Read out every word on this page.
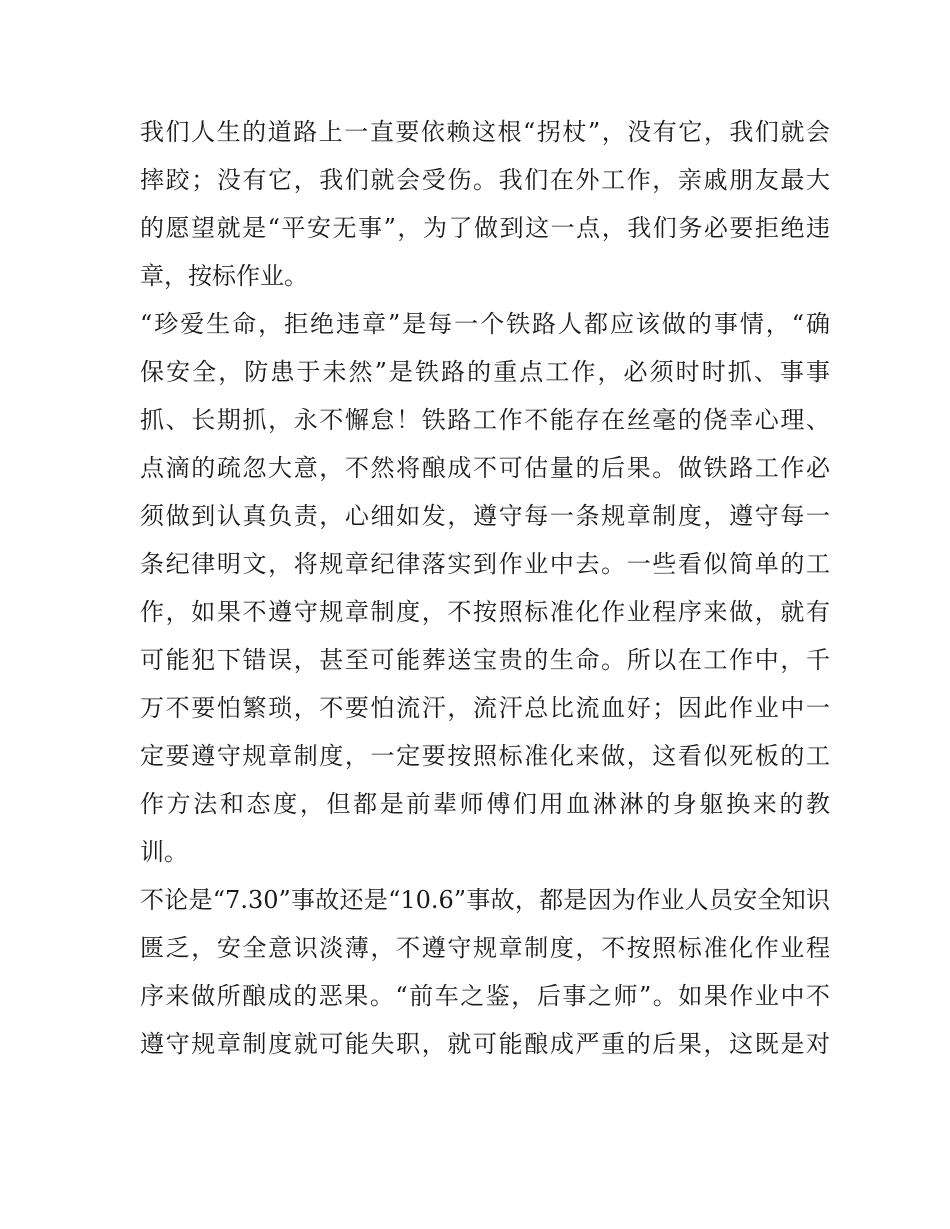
我们人生的道路上一直要依赖这根“拐杖”，没有它，我们就会
摔跤；没有它，我们就会受伤。我们在外工作，亲戚朋友最大
的愿望就是“平安无事”，为了做到这一点，我们务必要拒绝违
章，按标作业。
“珍爱生命，拒绝违章”是每一个铁路人都应该做的事情，“确
保安全，防患于未然”是铁路的重点工作，必须时时抓、事事
抓、长期抓，永不懈怠！铁路工作不能存在丝毫的侥幸心理、
点滴的疏忽大意，不然将酿成不可估量的后果。做铁路工作必
须做到认真负责，心细如发，遵守每一条规章制度，遵守每一
条纪律明文，将规章纪律落实到作业中去。一些看似简单的工
作，如果不遵守规章制度，不按照标准化作业程序来做，就有
可能犯下错误，甚至可能葬送宝贵的生命。所以在工作中，千
万不要怕繁琐，不要怕流汗，流汗总比流血好；因此作业中一
定要遵守规章制度，一定要按照标准化来做，这看似死板的工
作方法和态度，但都是前辈师傅们用血淋淋的身躯换来的教
训。
不论是“7.30”事故还是“10.6”事故，都是因为作业人员安全知识
匮乏，安全意识淡薄，不遵守规章制度，不按照标准化作业程
序来做所酿成的恶果。“前车之鉴，后事之师”。如果作业中不
遵守规章制度就可能失职，就可能酿成严重的后果，这既是对
